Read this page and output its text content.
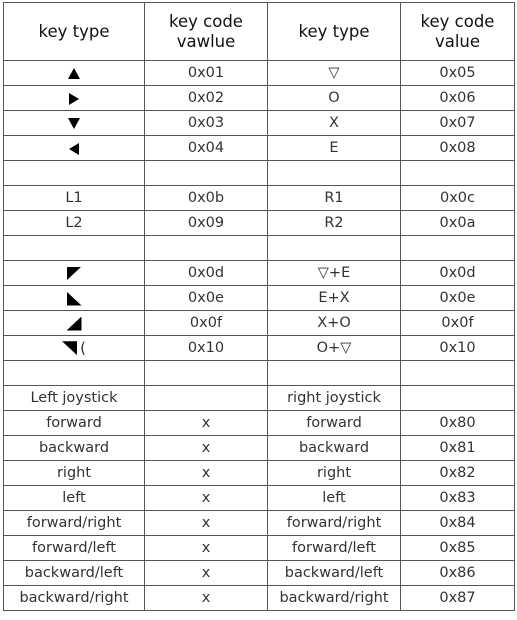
key type	key code vawlue	key type	key code value
	0x01	▽	0x05
	0x02	O	0x06
	0x03	X	0x07
	0x04	E	0x08

L1	0x0b	R1	0x0c
L2	0x09	R2	0x0a

	0x0d	▽+E	0x0d
	0x0e	E+X	0x0e
	0x0f	X+O	0x0f
(	0x10	O+▽	0x10

Left joystick		right joystick	
forward	x	forward	0x80
backward	x	backward	0x81
right	x	right	0x82
left	x	left	0x83
forward/right	x	forward/right	0x84
forward/left	x	forward/left	0x85
backward/left	x	backward/left	0x86
backward/right	x	backward/right	0x87
